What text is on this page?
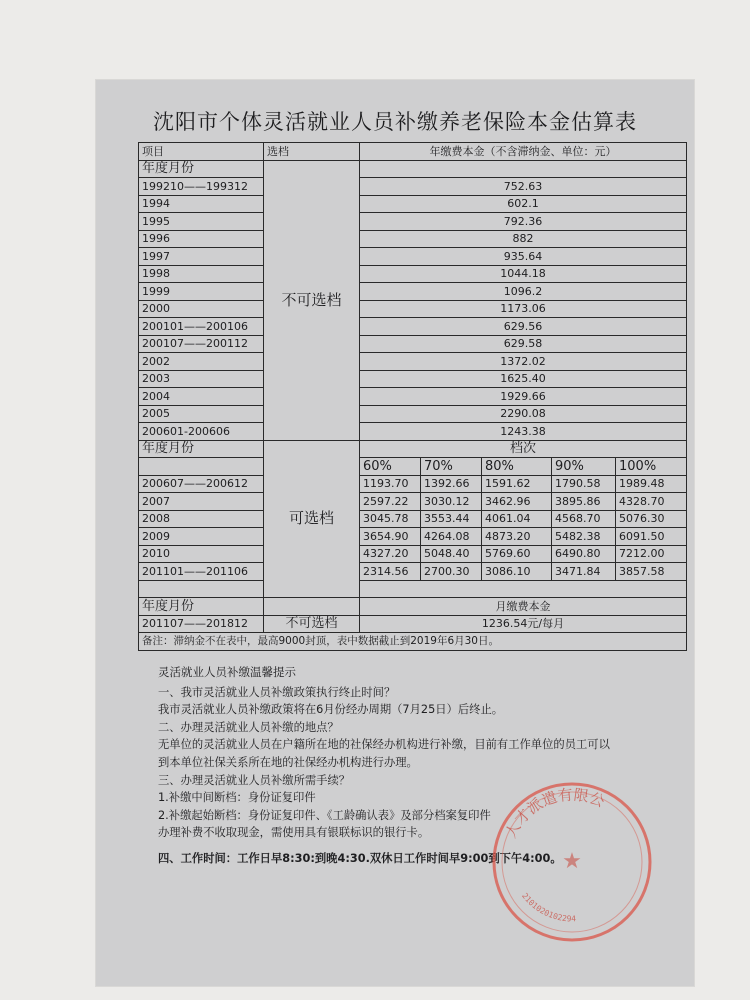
沈阳市个体灵活就业人员补缴养老保险本金估算表
项目	选档	年缴费本金（不含滞纳金、单位：元）				
年度月份	不可选档					
199210——199312		752.63				
1994		602.1				
1995		792.36				
1996		882				
1997		935.64				
1998		1044.18				
1999		1096.2				
2000		1173.06				
200101——200106		629.56				
200107——200112		629.58				
2002		1372.02				
2003		1625.40				
2004		1929.66				
2005		2290.08				
200601-200606		1243.38				
年度月份	可选档	档次				
		60%	70%	80%	90%	100%
200607——200612		1193.70	1392.66	1591.62	1790.58	1989.48
2007		2597.22	3030.12	3462.96	3895.86	4328.70
2008		3045.78	3553.44	4061.04	4568.70	5076.30
2009		3654.90	4264.08	4873.20	5482.38	6091.50
2010		4327.20	5048.40	5769.60	6490.80	7212.00
201101——201106		2314.56	2700.30	3086.10	3471.84	3857.58

年度月份		月缴费本金				
201107——201812	不可选档	1236.54元/每月				
备注：滞纳金不在表中，最高9000封顶，表中数据截止到2019年6月30日。						
灵活就业人员补缴温馨提示
一、我市灵活就业人员补缴政策执行终止时间？
我市灵活就业人员补缴政策将在6月份经办周期（7月25日）后终止。
二、办理灵活就业人员补缴的地点？
无单位的灵活就业人员在户籍所在地的社保经办机构进行补缴，目前有工作单位的员工可以
到本单位社保关系所在地的社保经办机构进行办理。
三、办理灵活就业人员补缴所需手续？
1.补缴中间断档：身份证复印件
2.补缴起始断档：身份证复印件、《工龄确认表》及部分档案复印件
办理补费不收取现金，需使用具有银联标识的银行卡。
四、工作时间：工作日早8:30:到晚4:30.双休日工作时间早9:00到下午4:00。
人才派遣有限公
2101020102294
★
